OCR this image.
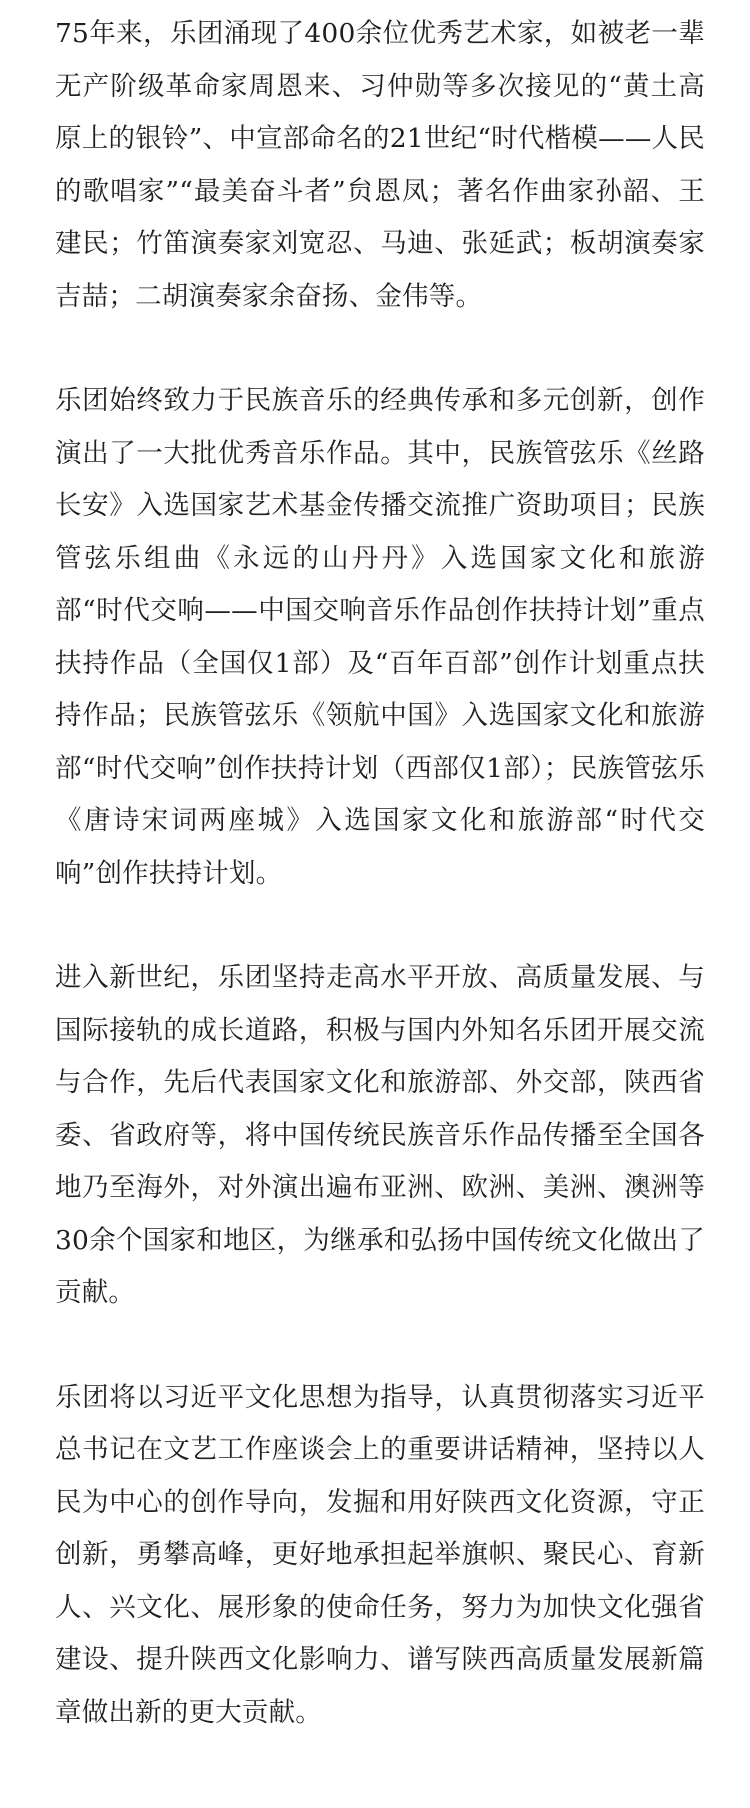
75年来，乐团涌现了400余位优秀艺术家，如被老一辈无产阶级革命家周恩来、习仲勋等多次接见的“黄土高原上的银铃”、中宣部命名的21世纪“时代楷模——人民的歌唱家”“最美奋斗者”贠恩凤；著名作曲家孙韶、王建民；竹笛演奏家刘宽忍、马迪、张延武；板胡演奏家吉喆；二胡演奏家余奋扬、金伟等。

乐团始终致力于民族音乐的经典传承和多元创新，创作演出了一大批优秀音乐作品。其中，民族管弦乐《丝路长安》入选国家艺术基金传播交流推广资助项目；民族管弦乐组曲《永远的山丹丹》入选国家文化和旅游部“时代交响——中国交响音乐作品创作扶持计划”重点扶持作品（全国仅1部）及“百年百部”创作计划重点扶持作品；民族管弦乐《领航中国》入选国家文化和旅游部“时代交响”创作扶持计划（西部仅1部）；民族管弦乐《唐诗宋词两座城》入选国家文化和旅游部“时代交响”创作扶持计划。

进入新世纪，乐团坚持走高水平开放、高质量发展、与国际接轨的成长道路，积极与国内外知名乐团开展交流与合作，先后代表国家文化和旅游部、外交部，陕西省委、省政府等，将中国传统民族音乐作品传播至全国各地乃至海外，对外演出遍布亚洲、欧洲、美洲、澳洲等30余个国家和地区，为继承和弘扬中国传统文化做出了贡献。

乐团将以习近平文化思想为指导，认真贯彻落实习近平总书记在文艺工作座谈会上的重要讲话精神，坚持以人民为中心的创作导向，发掘和用好陕西文化资源，守正创新，勇攀高峰，更好地承担起举旗帜、聚民心、育新人、兴文化、展形象的使命任务，努力为加快文化强省建设、提升陕西文化影响力、谱写陕西高质量发展新篇章做出新的更大贡献。
